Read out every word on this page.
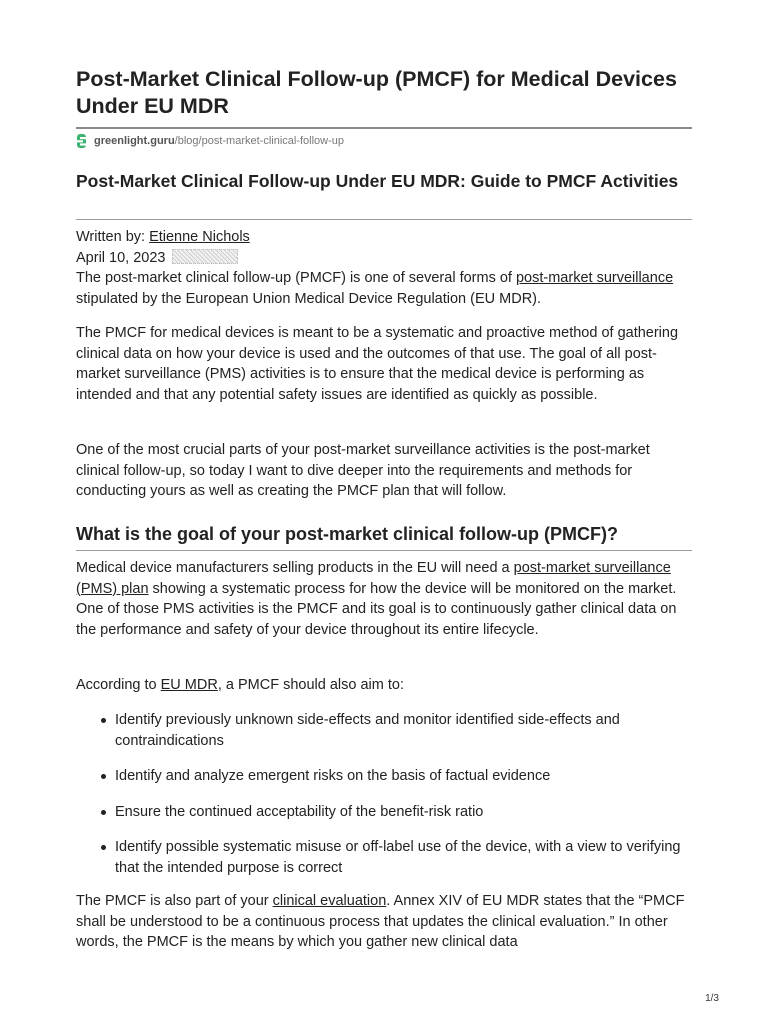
Post-Market Clinical Follow-up (PMCF) for Medical Devices Under EU MDR
greenlight.guru /blog/post-market-clinical-follow-up
Post-Market Clinical Follow-up Under EU MDR: Guide to PMCF Activities
Written by: Etienne Nichols
April 10, 2023

The post-market clinical follow-up (PMCF) is one of several forms of post-market surveillance stipulated by the European Union Medical Device Regulation (EU MDR).

The PMCF for medical devices is meant to be a systematic and proactive method of gathering clinical data on how your device is used and the outcomes of that use. The goal of all post-market surveillance (PMS) activities is to ensure that the medical device is performing as intended and that any potential safety issues are identified as quickly as possible.

One of the most crucial parts of your post-market surveillance activities is the post-market clinical follow-up, so today I want to dive deeper into the requirements and methods for conducting yours as well as creating the PMCF plan that will follow.

What is the goal of your post-market clinical follow-up (PMCF)?

Medical device manufacturers selling products in the EU will need a post-market surveillance (PMS) plan showing a systematic process for how the device will be monitored on the market. One of those PMS activities is the PMCF and its goal is to continuously gather clinical data on the performance and safety of your device throughout its entire lifecycle.

According to EU MDR, a PMCF should also aim to:

Identify previously unknown side-effects and monitor identified side-effects and contraindications
Identify and analyze emergent risks on the basis of factual evidence
Ensure the continued acceptability of the benefit-risk ratio
Identify possible systematic misuse or off-label use of the device, with a view to verifying that the intended purpose is correct

The PMCF is also part of your clinical evaluation. Annex XIV of EU MDR states that the “PMCF shall be understood to be a continuous process that updates the clinical evaluation.” In other words, the PMCF is the means by which you gather new clinical data

1/3
